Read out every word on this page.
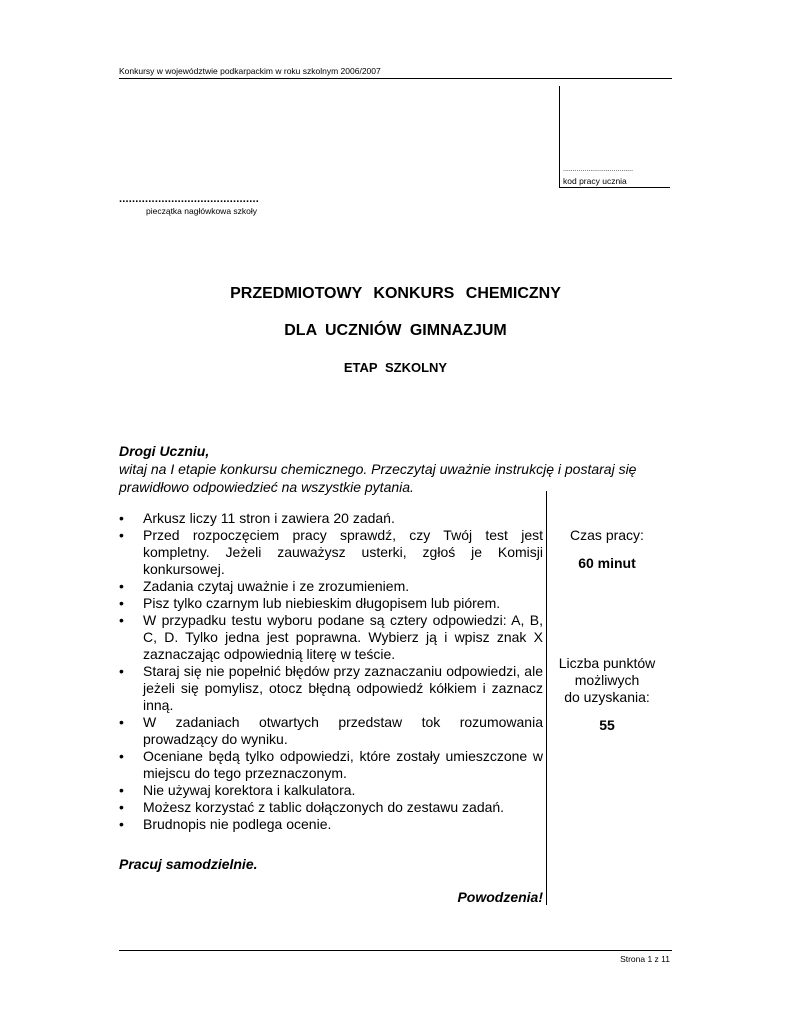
Konkursy w województwie podkarpackim w roku szkolnym 2006/2007
....................................
kod pracy ucznia
...........................................
pieczątka nagłówkowa szkoły
PRZEDMIOTOWY KONKURS CHEMICZNY
DLA UCZNIÓW GIMNAZJUM
ETAP SZKOLNY
Drogi Uczniu,
witaj na I etapie konkursu chemicznego. Przeczytaj uważnie instrukcję i postaraj się prawidłowo odpowiedzieć na wszystkie pytania.
• Arkusz liczy 11 stron i zawiera 20 zadań.
• Przed rozpoczęciem pracy sprawdź, czy Twój test jest kompletny. Jeżeli zauważysz usterki, zgłoś je Komisji konkursowej.
• Zadania czytaj uważnie i ze zrozumieniem.
• Pisz tylko czarnym lub niebieskim długopisem lub piórem.
• W przypadku testu wyboru podane są cztery odpowiedzi: A, B, C, D. Tylko jedna jest poprawna. Wybierz ją i wpisz znak X zaznaczając odpowiednią literę w teście.
• Staraj się nie popełnić błędów przy zaznaczaniu odpowiedzi, ale jeżeli się pomylisz, otocz błędną odpowiedź kółkiem i zaznacz inną.
• W zadaniach otwartych przedstaw tok rozumowania prowadzący do wyniku.
• Oceniane będą tylko odpowiedzi, które zostały umieszczone w miejscu do tego przeznaczonym.
• Nie używaj korektora i kalkulatora.
• Możesz korzystać z tablic dołączonych do zestawu zadań.
• Brudnopis nie podlega ocenie.
Czas pracy:
60 minut
Liczba punktów
możliwych
do uzyskania:
55
Pracuj samodzielnie.
Powodzenia!
Strona 1 z 11
